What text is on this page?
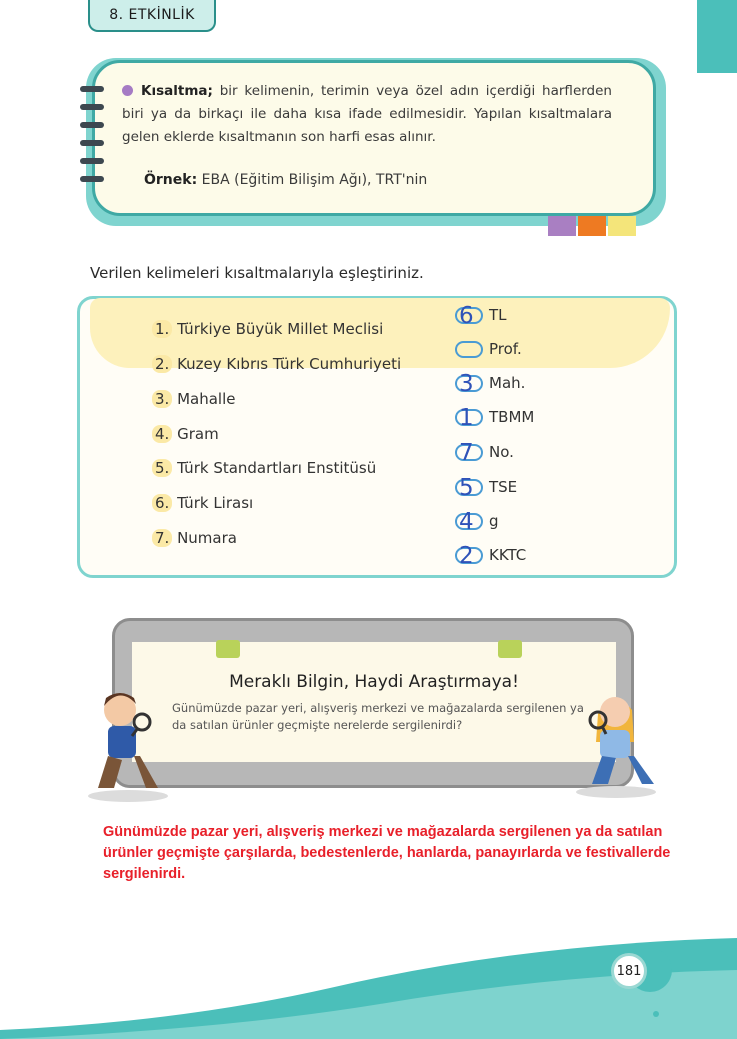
8. ETKİNLİK
Kısaltma; bir kelimenin, terimin veya özel adın içerdiği harflerden biri ya da birkaçı ile daha kısa ifade edilmesidir. Yapılan kısaltmalara gelen eklerde kısaltmanın son harfi esas alınır.
Örnek: EBA (Eğitim Bilişim Ağı), TRT'nin
Verilen kelimeleri kısaltmalarıyla eşleştiriniz.
1. Türkiye Büyük Millet Meclisi
2. Kuzey Kıbrıs Türk Cumhuriyeti
3. Mahalle
4. Gram
5. Türk Standartları Enstitüsü
6. Türk Lirası
7. Numara
6 TL
Prof.
3 Mah.
1 TBMM
7 No.
5 TSE
4 g
2 KKTC
Meraklı Bilgin, Haydi Araştırmaya!
Günümüzde pazar yeri, alışveriş merkezi ve mağazalarda sergilenen ya da satılan ürünler geçmişte nerelerde sergilenirdi?
Günümüzde pazar yeri, alışveriş merkezi ve mağazalarda sergilenen ya da satılan ürünler geçmişte çarşılarda, bedestenlerde, hanlarda, panayırlarda ve festivallerde sergilenirdi.
181
